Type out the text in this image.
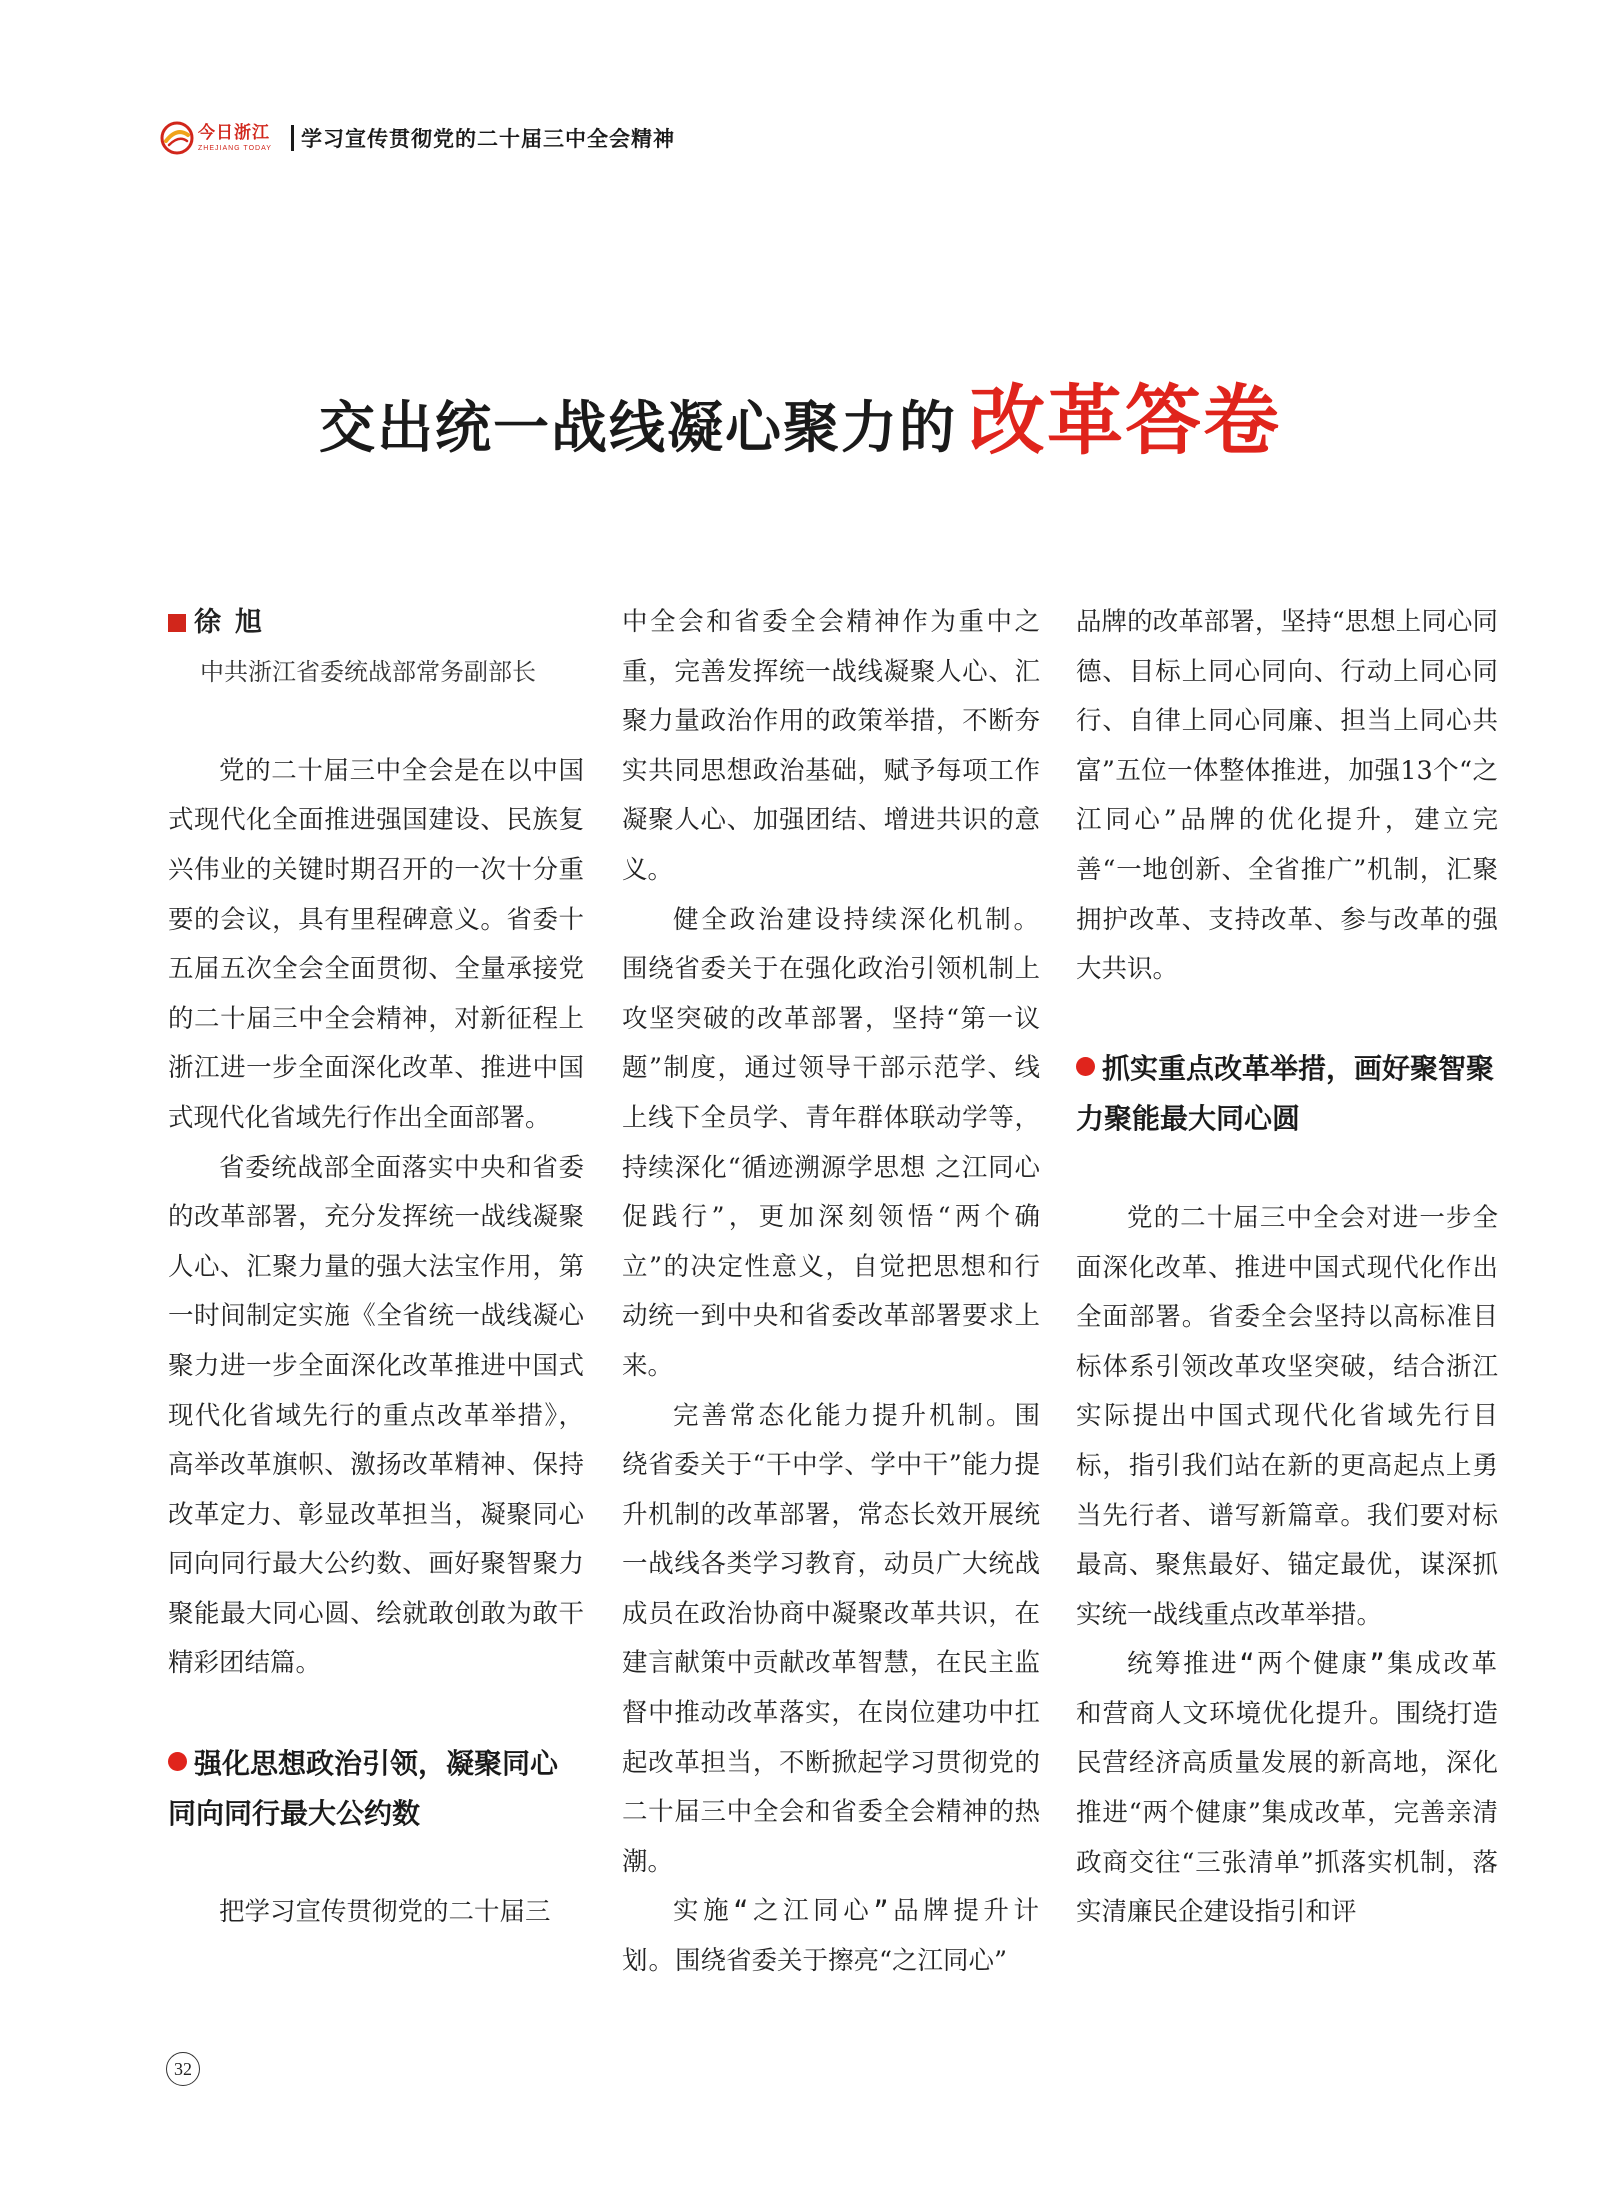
今日浙江
ZHEJIANG TODAY 学习宣传贯彻党的二十届三中全会精神
交出统一战线凝心聚力的 改革答卷
徐旭

中共浙江省委统战部常务副部长

党的二十届三中全会是在以中国式现代化全面推进强国建设、民族复兴伟业的关键时期召开的一次十分重要的会议，具有里程碑意义。省委十五届五次全会全面贯彻、全量承接党的二十届三中全会精神，对新征程上浙江进一步全面深化改革、推进中国式现代化省域先行作出全面部署。

省委统战部全面落实中央和省委的改革部署，充分发挥统一战线凝聚人心、汇聚力量的强大法宝作用，第一时间制定实施《全省统一战线凝心聚力进一步全面深化改革推进中国式现代化省域先行的重点改革举措》，高举改革旗帜、激扬改革精神、保持改革定力、彰显改革担当，凝聚同心同向同行最大公约数、画好聚智聚力聚能最大同心圆、绘就敢创敢为敢干精彩团结篇。

强化思想政治引领，凝聚同心同向同行最大公约数

把学习宣传贯彻党的二十届三

中全会和省委全会精神作为重中之重，完善发挥统一战线凝聚人心、汇聚力量政治作用的政策举措，不断夯实共同思想政治基础，赋予每项工作凝聚人心、加强团结、增进共识的意义。

健全政治建设持续深化机制。围绕省委关于在强化政治引领机制上攻坚突破的改革部署，坚持“第一议题”制度，通过领导干部示范学、线上线下全员学、青年群体联动学等，持续深化“循迹溯源学思想 之江同心促践行”，更加深刻领悟“两个确立”的决定性意义，自觉把思想和行动统一到中央和省委改革部署要求上来。

完善常态化能力提升机制。围绕省委关于“干中学、学中干”能力提升机制的改革部署，常态长效开展统一战线各类学习教育，动员广大统战成员在政治协商中凝聚改革共识，在建言献策中贡献改革智慧，在民主监督中推动改革落实，在岗位建功中扛起改革担当，不断掀起学习贯彻党的二十届三中全会和省委全会精神的热潮。

实施“之江同心”品牌提升计划。围绕省委关于擦亮“之江同心”

品牌的改革部署，坚持“思想上同心同德、目标上同心同向、行动上同心同行、自律上同心同廉、担当上同心共富”五位一体整体推进，加强13个“之江同心”品牌的优化提升，建立完善“一地创新、全省推广”机制，汇聚拥护改革、支持改革、参与改革的强大共识。

抓实重点改革举措，画好聚智聚力聚能最大同心圆

党的二十届三中全会对进一步全面深化改革、推进中国式现代化作出全面部署。省委全会坚持以高标准目标体系引领改革攻坚突破，结合浙江实际提出中国式现代化省域先行目标，指引我们站在新的更高起点上勇当先行者、谱写新篇章。我们要对标最高、聚焦最好、锚定最优，谋深抓实统一战线重点改革举措。

统筹推进“两个健康”集成改革和营商人文环境优化提升。围绕打造民营经济高质量发展的新高地，深化推进“两个健康”集成改革，完善亲清政商交往“三张清单”抓落实机制，落实清廉民企建设指引和评

32
